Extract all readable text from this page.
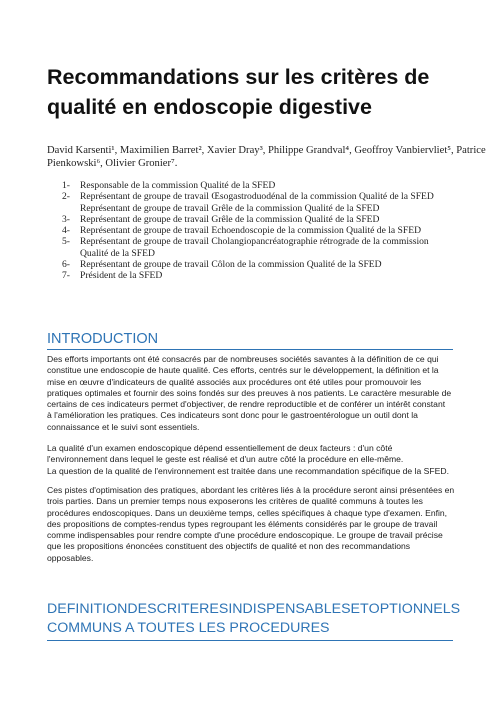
Recommandations sur les critères de
qualité en endoscopie digestive
David Karsenti¹, Maximilien Barret², Xavier Dray³, Philippe Grandval⁴, Geoffroy Vanbiervliet⁵, Patrice
Pienkowski⁶, Olivier Gronier⁷.
1-	Responsable de la commission Qualité de la SFED
2-	Représentant de groupe de travail Œsogastroduodénal de la commission Qualité de la SFED
Représentant de groupe de travail Grêle de la commission Qualité de la SFED
3-	Représentant de groupe de travail Grêle de la commission Qualité de la SFED
4-	Représentant de groupe de travail Echoendoscopie de la commission Qualité de la SFED
5-	Représentant de groupe de travail Cholangiopancréatographie rétrograde de la commission
Qualité de la SFED
6-	Représentant de groupe de travail Côlon de la commission Qualité de la SFED
7-	Président de la SFED
INTRODUCTION

Des efforts importants ont été consacrés par de nombreuses sociétés savantes à la définition de ce qui
constitue une endoscopie de haute qualité. Ces efforts, centrés sur le développement, la définition et la
mise en œuvre d'indicateurs de qualité associés aux procédures ont été utiles pour promouvoir les
pratiques optimales et fournir des soins fondés sur des preuves à nos patients. Le caractère mesurable de
certains de ces indicateurs permet d'objectiver, de rendre reproductible et de conférer un intérêt constant
à l'amélioration les pratiques. Ces indicateurs sont donc pour le gastroentérologue un outil dont la
connaissance et le suivi sont essentiels.

La qualité d'un examen endoscopique dépend essentiellement de deux facteurs : d'un côté
l'environnement dans lequel le geste est réalisé et d'un autre côté la procédure en elle-même.
La question de la qualité de l'environnement est traitée dans une recommandation spécifique de la SFED.

Ces pistes d'optimisation des pratiques, abordant les critères liés à la procédure seront ainsi présentées en
trois parties. Dans un premier temps nous exposerons les critères de qualité communs à toutes les
procédures endoscopiques. Dans un deuxième temps, celles spécifiques à chaque type d'examen. Enfin,
des propositions de comptes-rendus types regroupant les éléments considérés par le groupe de travail
comme indispensables pour rendre compte d'une procédure endoscopique. Le groupe de travail précise
que les propositions énoncées constituent des objectifs de qualité et non des recommandations
opposables.

DEFINITION DES CRITERES INDISPENSABLES ET OPTIONNELS
COMMUNS A TOUTES LES PROCEDURES
